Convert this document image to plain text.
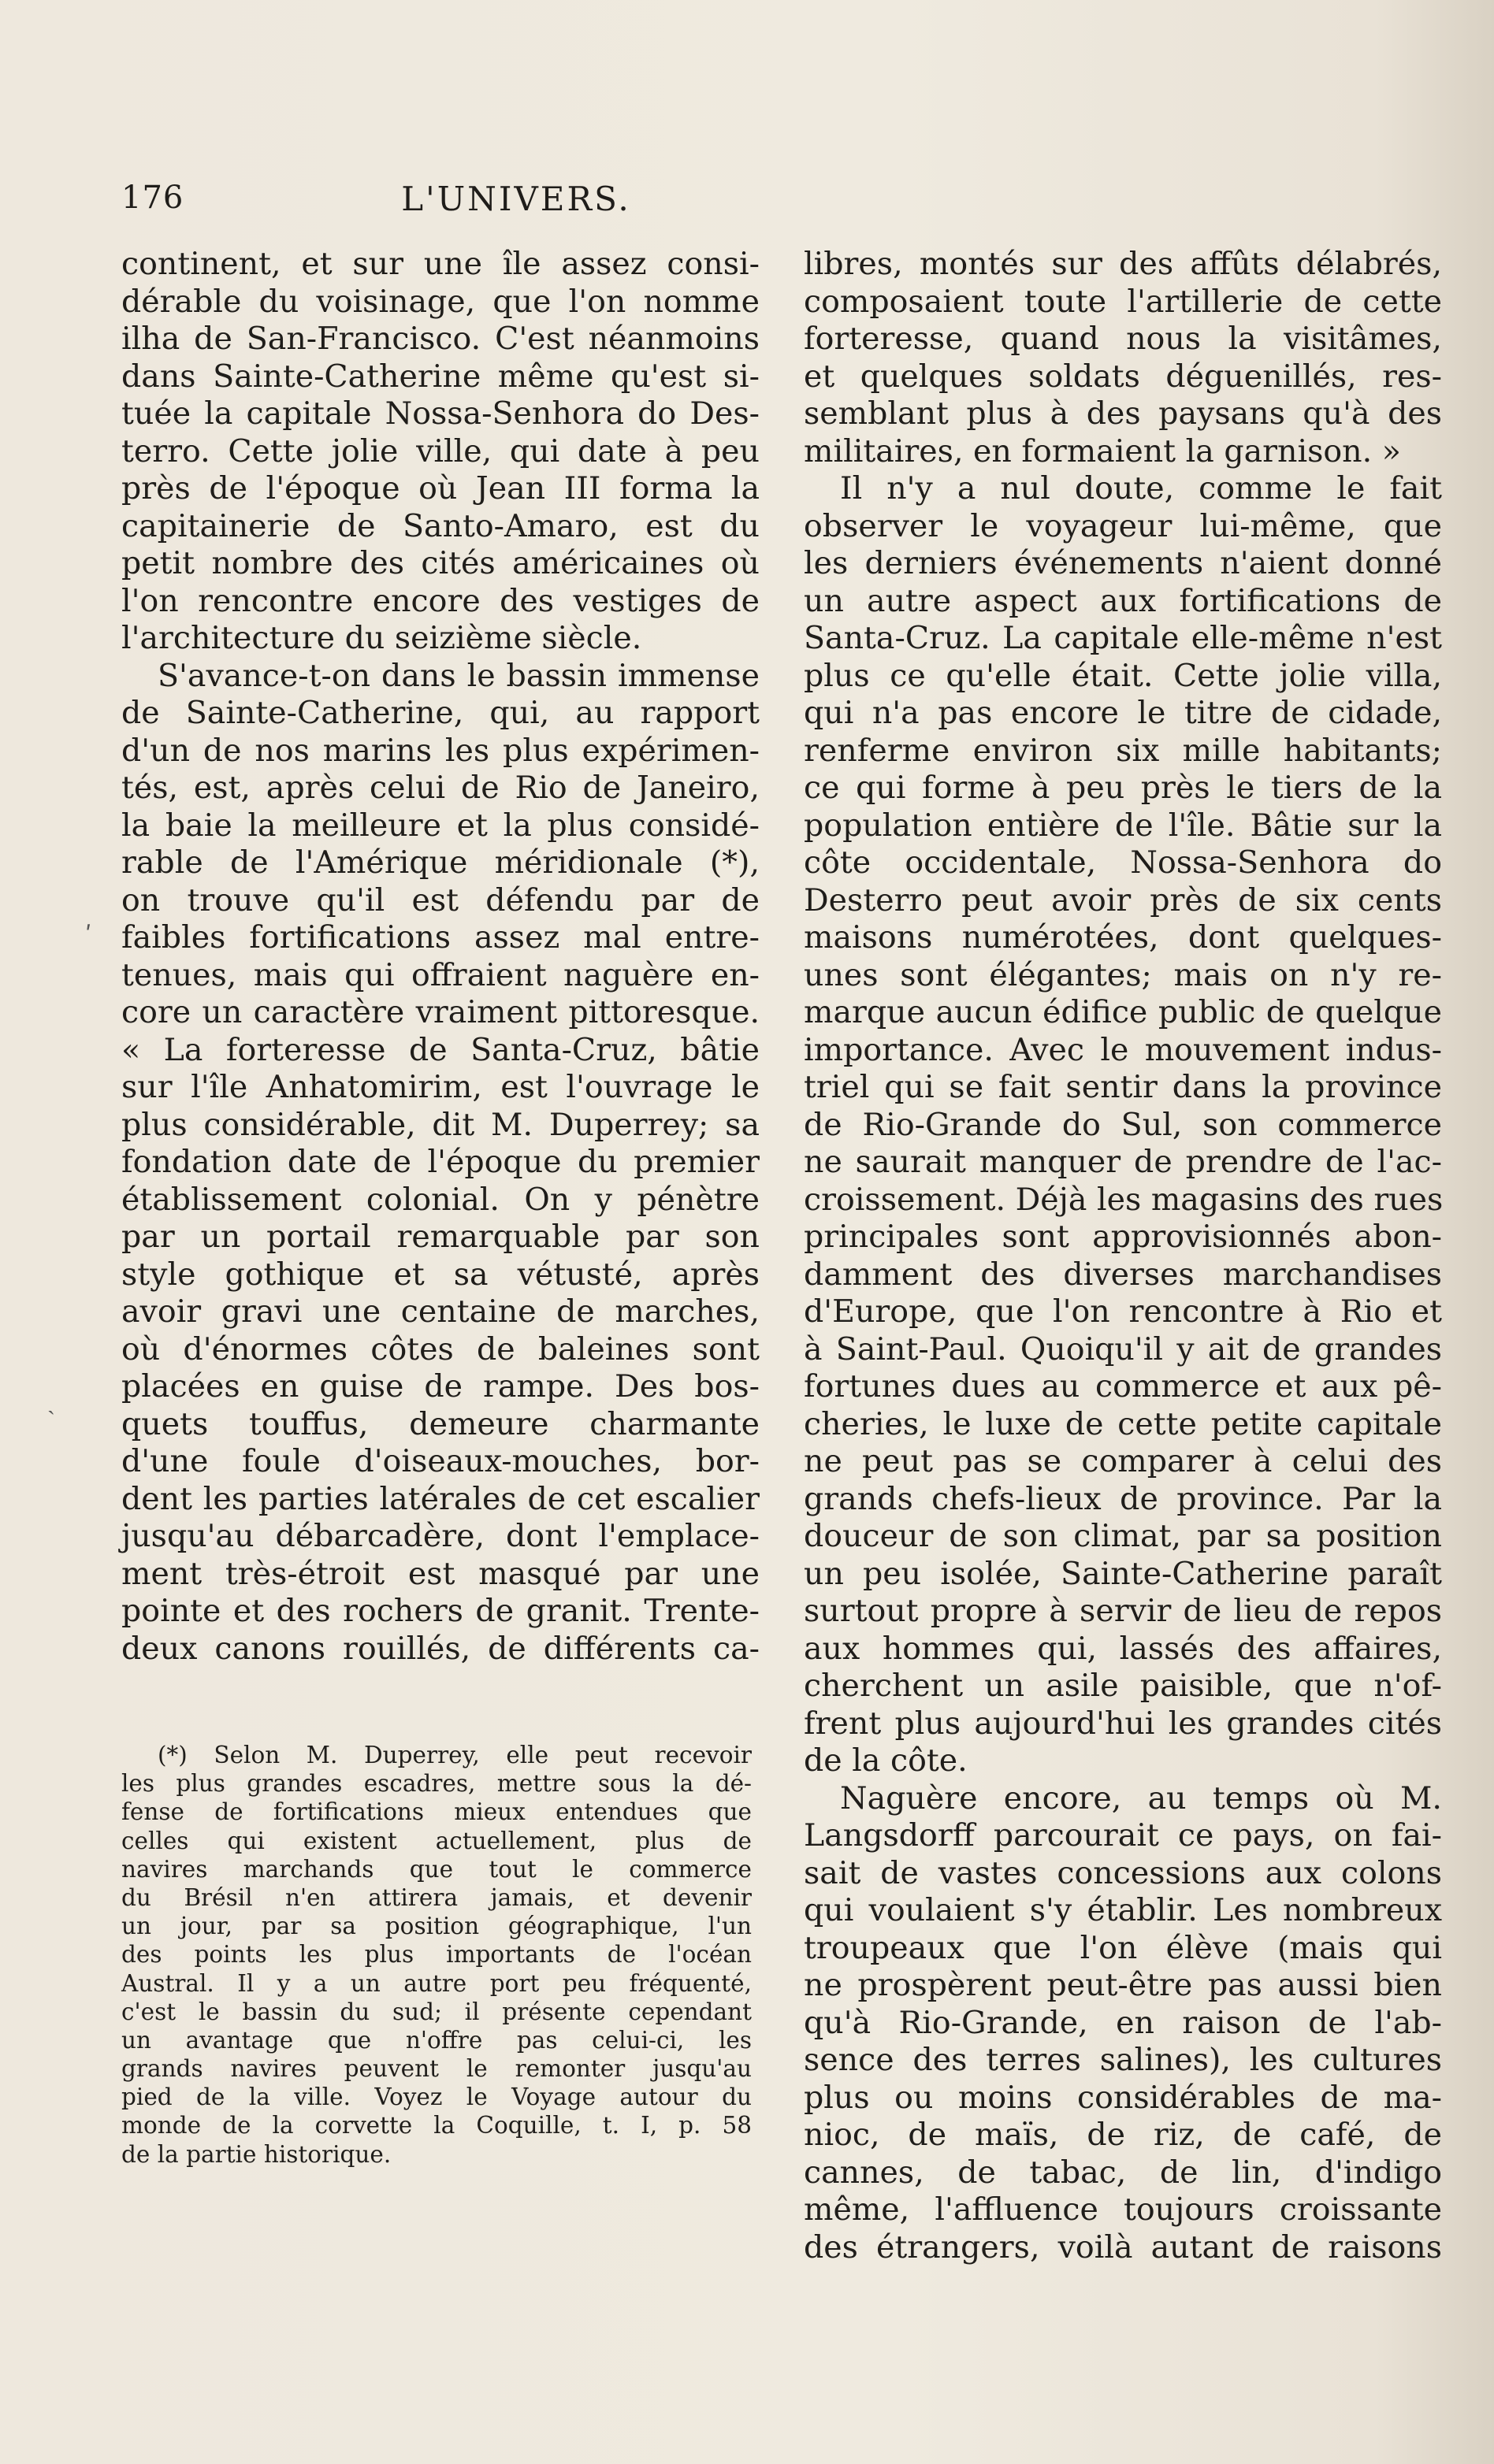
176	L'UNIVERS.
continent, et sur une île assez consi-
dérable du voisinage, que l'on nomme
ilha de San-Francisco. C'est néanmoins
dans Sainte-Catherine même qu'est si-
tuée la capitale Nossa-Senhora do Des-
terro. Cette jolie ville, qui date à peu
près de l'époque où Jean III forma la
capitainerie de Santo-Amaro, est du
petit nombre des cités américaines où
l'on rencontre encore des vestiges de
l'architecture du seizième siècle.
S'avance-t-on dans le bassin immense
de Sainte-Catherine, qui, au rapport
d'un de nos marins les plus expérimen-
tés, est, après celui de Rio de Janeiro,
la baie la meilleure et la plus considé-
rable de l'Amérique méridionale (*),
on trouve qu'il est défendu par de
faibles fortifications assez mal entre-
tenues, mais qui offraient naguère en-
core un caractère vraiment pittoresque.
« La forteresse de Santa-Cruz, bâtie
sur l'île Anhatomirim, est l'ouvrage le
plus considérable, dit M. Duperrey; sa
fondation date de l'époque du premier
établissement colonial. On y pénètre
par un portail remarquable par son
style gothique et sa vétusté, après
avoir gravi une centaine de marches,
où d'énormes côtes de baleines sont
placées en guise de rampe. Des bos-
quets touffus, demeure charmante
d'une foule d'oiseaux-mouches, bor-
dent les parties latérales de cet escalier
jusqu'au débarcadère, dont l'emplace-
ment très-étroit est masqué par une
pointe et des rochers de granit. Trente-
deux canons rouillés, de différents ca-
ʹ
ˏ
(*) Selon M. Duperrey, elle peut recevoir
les plus grandes escadres, mettre sous la dé-
fense de fortifications mieux entendues que
celles qui existent actuellement, plus de
navires marchands que tout le commerce
du Brésil n'en attirera jamais, et devenir
un jour, par sa position géographique, l'un
des points les plus importants de l'océan
Austral. Il y a un autre port peu fréquenté,
c'est le bassin du sud; il présente cependant
un avantage que n'offre pas celui-ci, les
grands navires peuvent le remonter jusqu'au
pied de la ville. Voyez le Voyage autour du
monde de la corvette la Coquille, t. I, p. 58
de la partie historique.
libres, montés sur des affûts délabrés,
composaient toute l'artillerie de cette
forteresse, quand nous la visitâmes,
et quelques soldats déguenillés, res-
semblant plus à des paysans qu'à des
militaires, en formaient la garnison. »
Il n'y a nul doute, comme le fait
observer le voyageur lui-même, que
les derniers événements n'aient donné
un autre aspect aux fortifications de
Santa-Cruz. La capitale elle-même n'est
plus ce qu'elle était. Cette jolie villa,
qui n'a pas encore le titre de cidade,
renferme environ six mille habitants;
ce qui forme à peu près le tiers de la
population entière de l'île. Bâtie sur la
côte occidentale, Nossa-Senhora do
Desterro peut avoir près de six cents
maisons numérotées, dont quelques-
unes sont élégantes; mais on n'y re-
marque aucun édifice public de quelque
importance. Avec le mouvement indus-
triel qui se fait sentir dans la province
de Rio-Grande do Sul, son commerce
ne saurait manquer de prendre de l'ac-
croissement. Déjà les magasins des rues
principales sont approvisionnés abon-
damment des diverses marchandises
d'Europe, que l'on rencontre à Rio et
à Saint-Paul. Quoiqu'il y ait de grandes
fortunes dues au commerce et aux pê-
cheries, le luxe de cette petite capitale
ne peut pas se comparer à celui des
grands chefs-lieux de province. Par la
douceur de son climat, par sa position
un peu isolée, Sainte-Catherine paraît
surtout propre à servir de lieu de repos
aux hommes qui, lassés des affaires,
cherchent un asile paisible, que n'of-
frent plus aujourd'hui les grandes cités
de la côte.
Naguère encore, au temps où M.
Langsdorff parcourait ce pays, on fai-
sait de vastes concessions aux colons
qui voulaient s'y établir. Les nombreux
troupeaux que l'on élève (mais qui
ne prospèrent peut-être pas aussi bien
qu'à Rio-Grande, en raison de l'ab-
sence des terres salines), les cultures
plus ou moins considérables de ma-
nioc, de maïs, de riz, de café, de
cannes, de tabac, de lin, d'indigo
même, l'affluence toujours croissante
des étrangers, voilà autant de raisons
